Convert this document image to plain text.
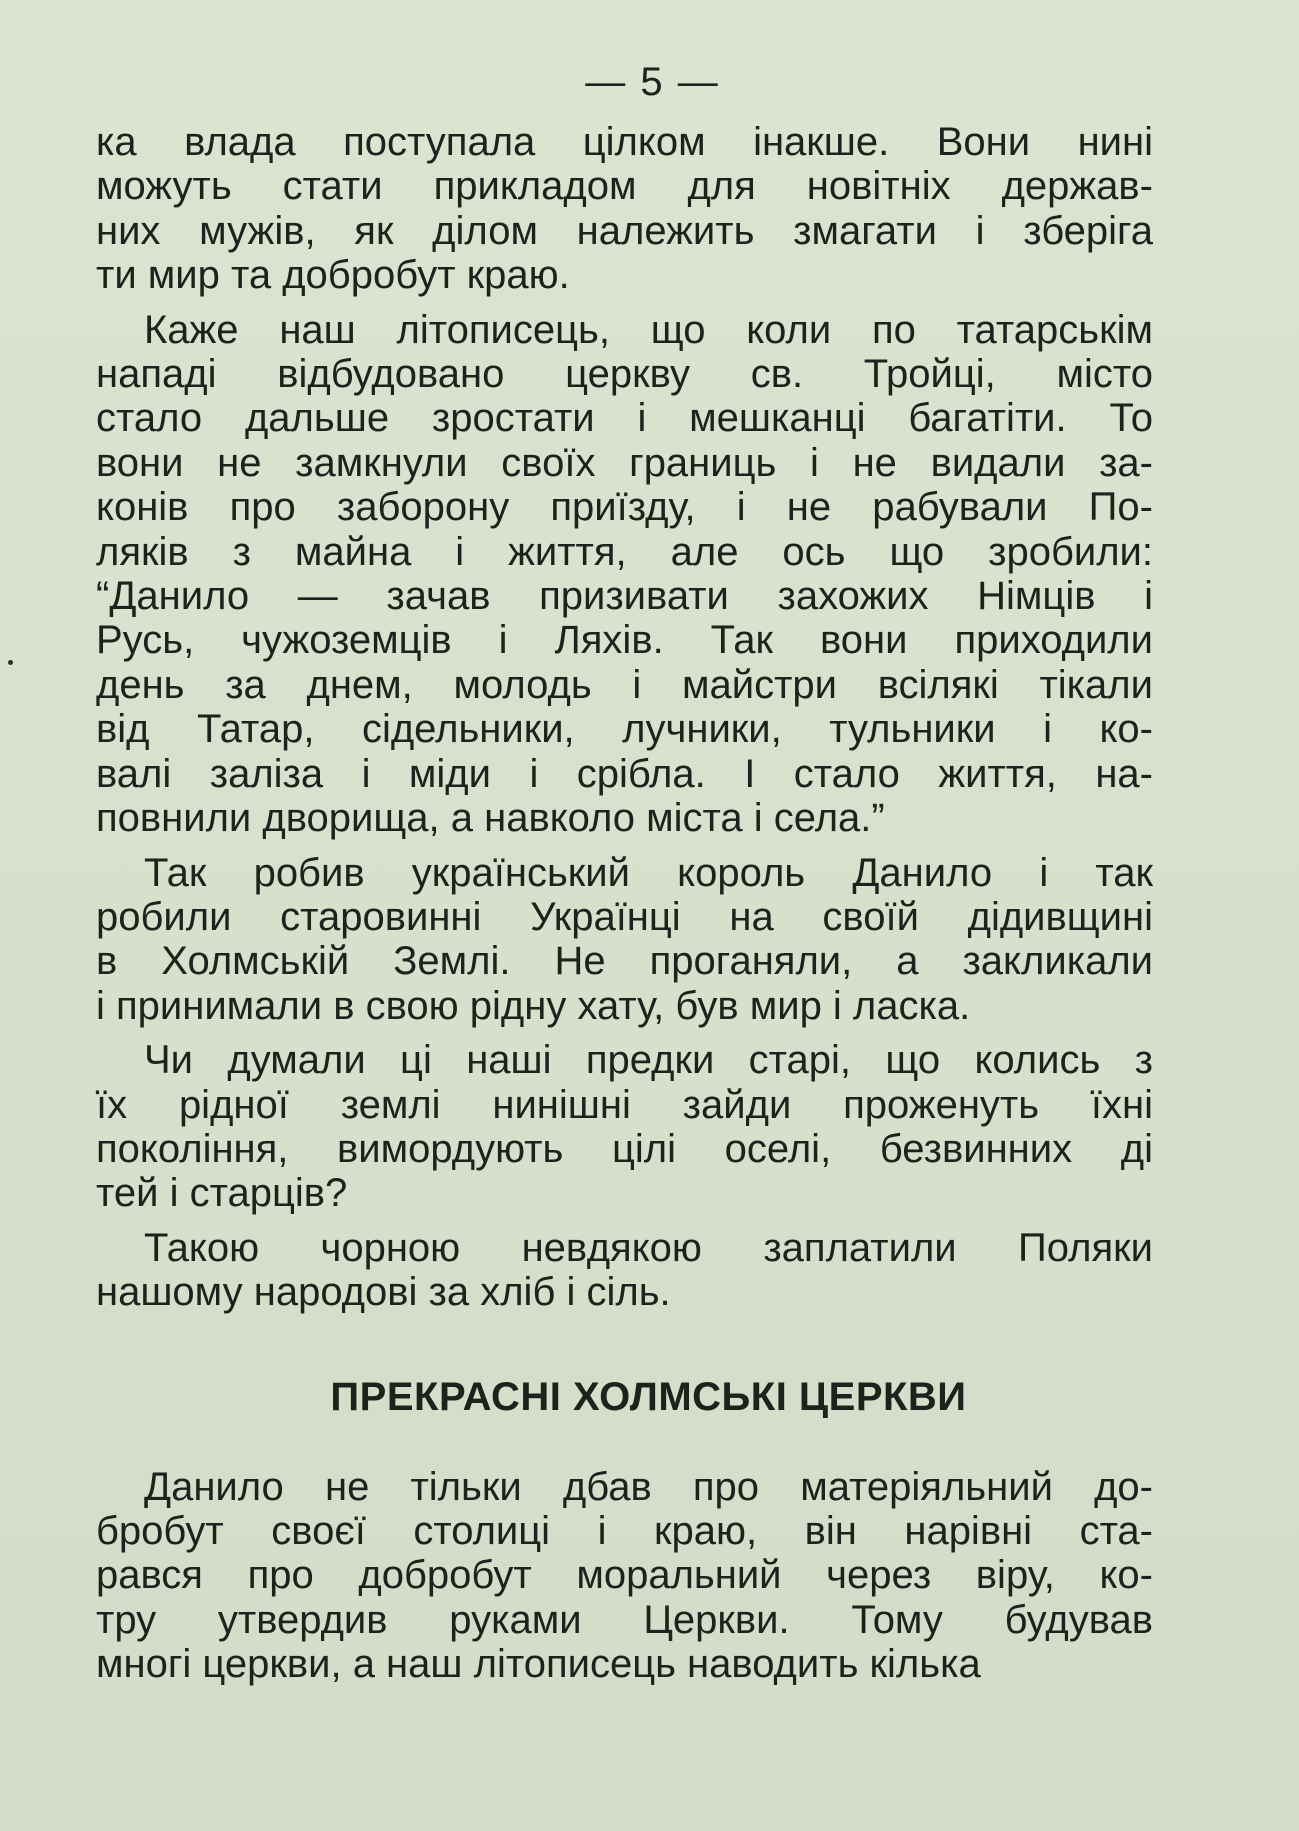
— 5 —
ка влада поступала цілком інакше. Вони нині
можуть стати прикладом для новітніх держав-
них мужів, як ділом належить змагати і зберіга
ти мир та добробут краю.
Каже наш літописець, що коли по татарськім
нападі відбудовано церкву св. Тройці, місто
стало дальше зростати і мешканці багатіти. То
вони не замкнули своїх границь і не видали за-
конів про заборону приїзду, і не рабували По-
ляків з майна і життя, але ось що зробили:
“Данило — зачав призивати захожих Німців і
Русь, чужоземців і Ляхів. Так вони приходили
день за днем, молодь і майстри всілякі тікали
від Татар, сідельники, лучники, тульники і ко-
валі заліза і міди і срібла. І стало життя, на-
повнили дворища, а навколо міста і села.”
Так робив український король Данило і так
робили старовинні Українці на своїй дідивщині
в Холмській Землі. Не проганяли, а закликали
і принимали в свою рідну хату, був мир і ласка.
Чи думали ці наші предки старі, що колись з
їх рідної землі нинішні зайди проженуть їхні
покоління, вимордують цілі оселі, безвинних ді
тей і старців?
Такою чорною невдякою заплатили Поляки
нашому народові за хліб і сіль.
ПРЕКРАСНІ ХОЛМСЬКІ ЦЕРКВИ
Данило не тільки дбав про матеріяльний до-
бробут своєї столиці і краю, він нарівні ста-
рався про добробут моральний через віру, ко-
тру утвердив руками Церкви. Тому будував
многі церкви, а наш літописець наводить кілька
